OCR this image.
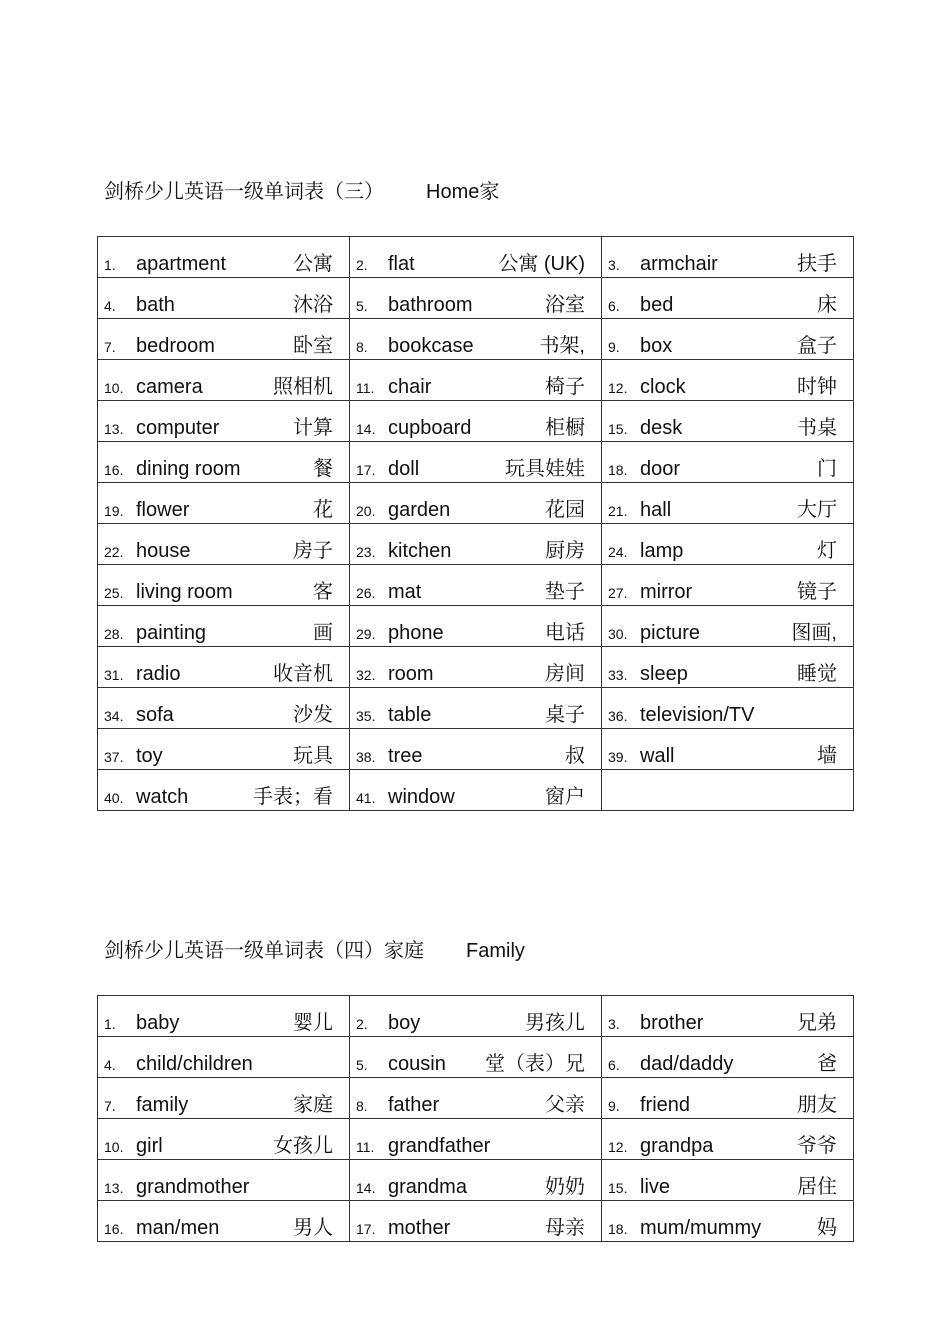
剑桥少儿英语一级单词表（三） Home家
1. apartment 公寓	2. flat 公寓 (UK)	3. armchair 扶手

4. bath 沐浴	5. bathroom 浴室	6. bed 床

7. bedroom 卧室	8. bookcase 书架,	9. box 盒子

10. camera 照相机	11. chair 椅子	12. clock 时钟

13. computer 计算	14. cupboard 柜橱	15. desk 书桌

16. dining room 餐	17. doll 玩具娃娃	18. door 门

19. flower 花	20. garden 花园	21. hall 大厅

22. house 房子	23. kitchen 厨房	24. lamp 灯

25. living room 客	26. mat 垫子	27. mirror 镜子

28. painting 画	29. phone 电话	30. picture 图画,

31. radio 收音机	32. room 房间	33. sleep 睡觉

34. sofa 沙发	35. table 桌子	36. television/TV

37. toy 玩具	38. tree 叔	39. wall 墙

40. watch 手表；看	41. window 窗户	

剑桥少儿英语一级单词表（四）家庭 Family
1. baby 婴儿	2. boy 男孩儿	3. brother 兄弟

4. child/children	5. cousin 堂（表）兄	6. dad/daddy 爸

7. family 家庭	8. father 父亲	9. friend 朋友

10. girl 女孩儿	11. grandfather	12. grandpa 爷爷

13. grandmother	14. grandma 奶奶	15. live 居住

16. man/men 男人	17. mother 母亲	18. mum/mummy 妈
